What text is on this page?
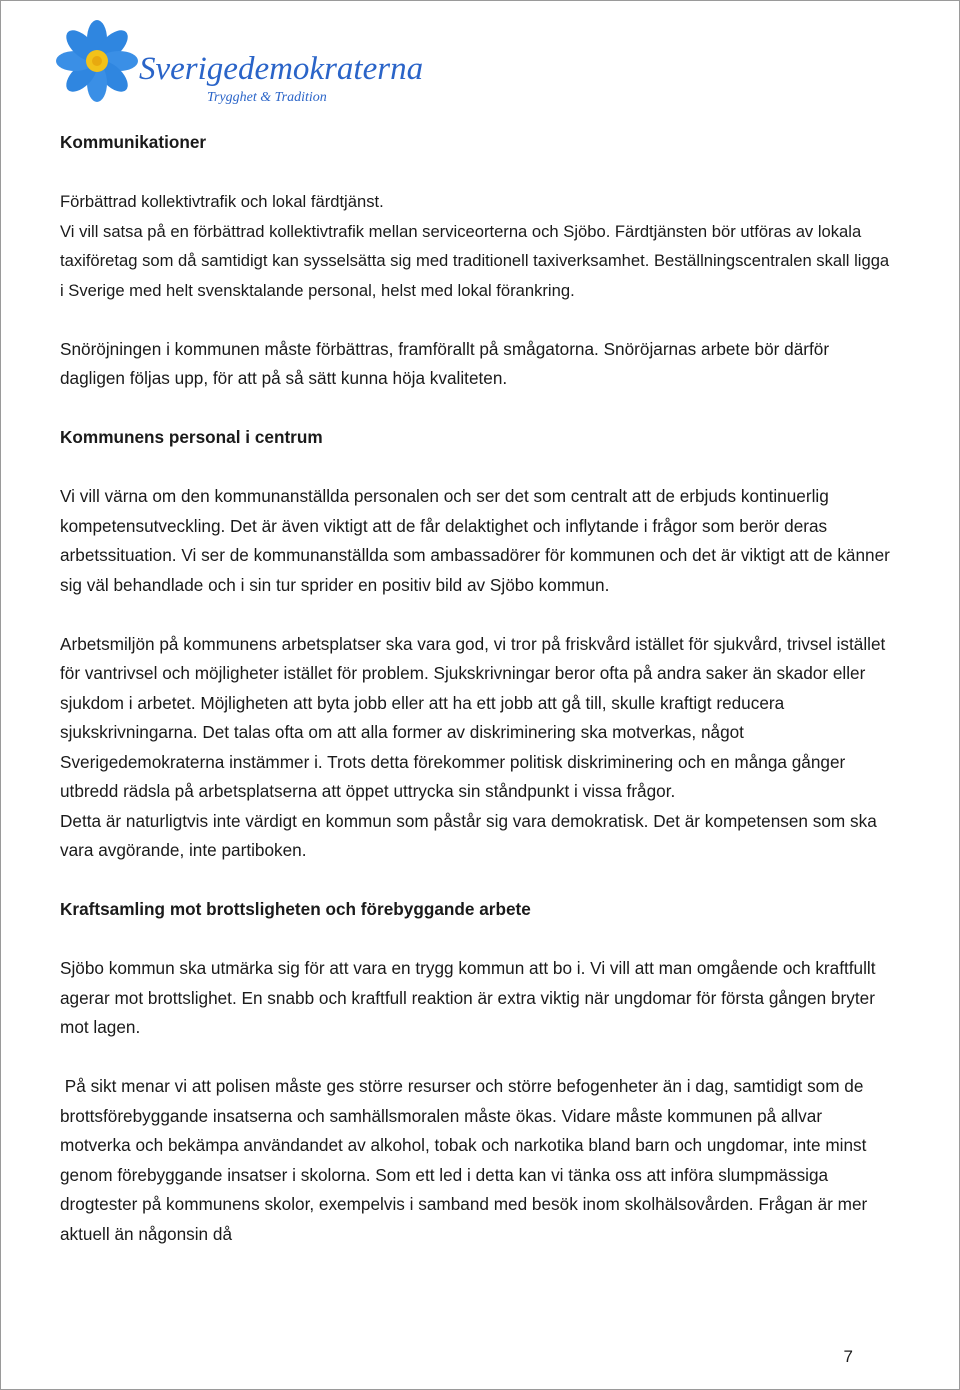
Sverigedemokraterna
Trygghet & Tradition

Kommunikationer

Förbättrad kollektivtrafik och lokal färdtjänst.

Vi vill satsa på en förbättrad kollektivtrafik mellan serviceorterna och Sjöbo. Färdtjänsten bör utföras av lokala taxiföretag som då samtidigt kan sysselsätta sig med traditionell taxiverksamhet. Beställningscentralen skall ligga i Sverige med helt svensktalande personal, helst med lokal förankring.

Snöröjningen i kommunen måste förbättras, framförallt på smågatorna. Snöröjarnas arbete bör därför dagligen följas upp, för att på så sätt kunna höja kvaliteten.

Kommunens personal i centrum

Vi vill värna om den kommunanställda personalen och ser det som centralt att de erbjuds kontinuerlig kompetensutveckling. Det är även viktigt att de får delaktighet och inflytande i frågor som berör deras arbetssituation. Vi ser de kommunanställda som ambassadörer för kommunen och det är viktigt att de känner sig väl behandlade och i sin tur sprider en positiv bild av Sjöbo kommun.

Arbetsmiljön på kommunens arbetsplatser ska vara god, vi tror på friskvård istället för sjukvård, trivsel istället för vantrivsel och möjligheter istället för problem. Sjukskrivningar beror ofta på andra saker än skador eller sjukdom i arbetet. Möjligheten att byta jobb eller att ha ett jobb att gå till, skulle kraftigt reducera sjukskrivningarna. Det talas ofta om att alla former av diskriminering ska motverkas, något Sverigedemokraterna instämmer i. Trots detta förekommer politisk diskriminering och en många gånger utbredd rädsla på arbetsplatserna att öppet uttrycka sin ståndpunkt i vissa frågor.

Detta är naturligtvis inte värdigt en kommun som påstår sig vara demokratisk. Det är kompetensen som ska vara avgörande, inte partiboken.

Kraftsamling mot brottsligheten och förebyggande arbete

Sjöbo kommun ska utmärka sig för att vara en trygg kommun att bo i. Vi vill att man omgående och kraftfullt agerar mot brottslighet. En snabb och kraftfull reaktion är extra viktig när ungdomar för första gången bryter mot lagen.

På sikt menar vi att polisen måste ges större resurser och större befogenheter än i dag, samtidigt som de brottsförebyggande insatserna och samhällsmoralen måste ökas. Vidare måste kommunen på allvar motverka och bekämpa användandet av alkohol, tobak och narkotika bland barn och ungdomar, inte minst genom förebyggande insatser i skolorna. Som ett led i detta kan vi tänka oss att införa slumpmässiga drogtester på kommunens skolor, exempelvis i samband med besök inom skolhälsovården. Frågan är mer aktuell än någonsin då

7
